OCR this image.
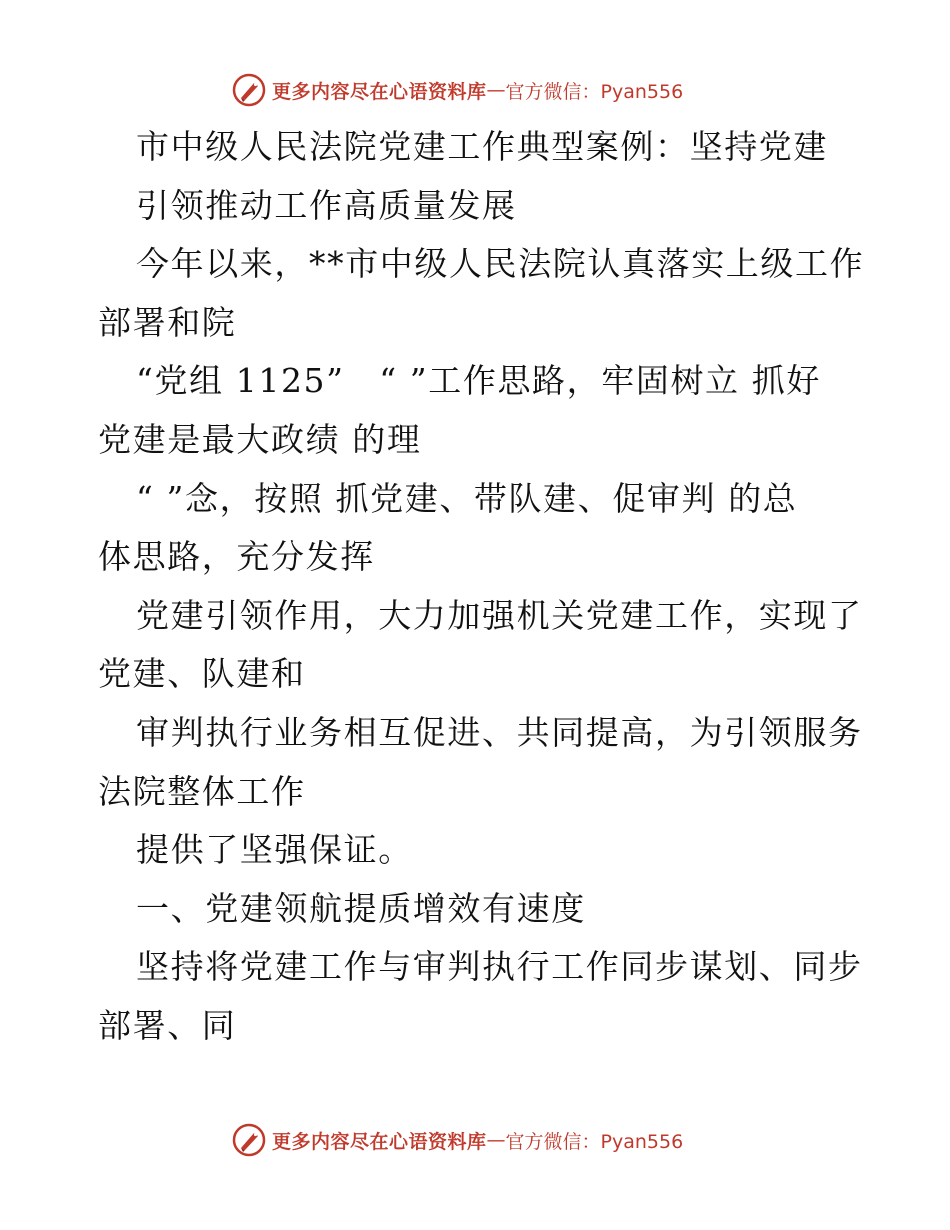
更多内容尽在心语资料库 — 官方微信：Pyan556
市中级人民法院党建工作典型案例：坚持党建
引领推动工作高质量发展
今年以来，**市中级人民法院认真落实上级工作
部署和院
“党组 1125”　“ ”工作思路，牢固树立 抓好
党建是最大政绩 的理
“ ”念，按照 抓党建、带队建、促审判 的总
体思路，充分发挥
党建引领作用，大力加强机关党建工作，实现了
党建、队建和
审判执行业务相互促进、共同提高，为引领服务
法院整体工作
提供了坚强保证。
一、党建领航提质增效有速度
坚持将党建工作与审判执行工作同步谋划、同步
部署、同
更多内容尽在心语资料库 — 官方微信：Pyan556
